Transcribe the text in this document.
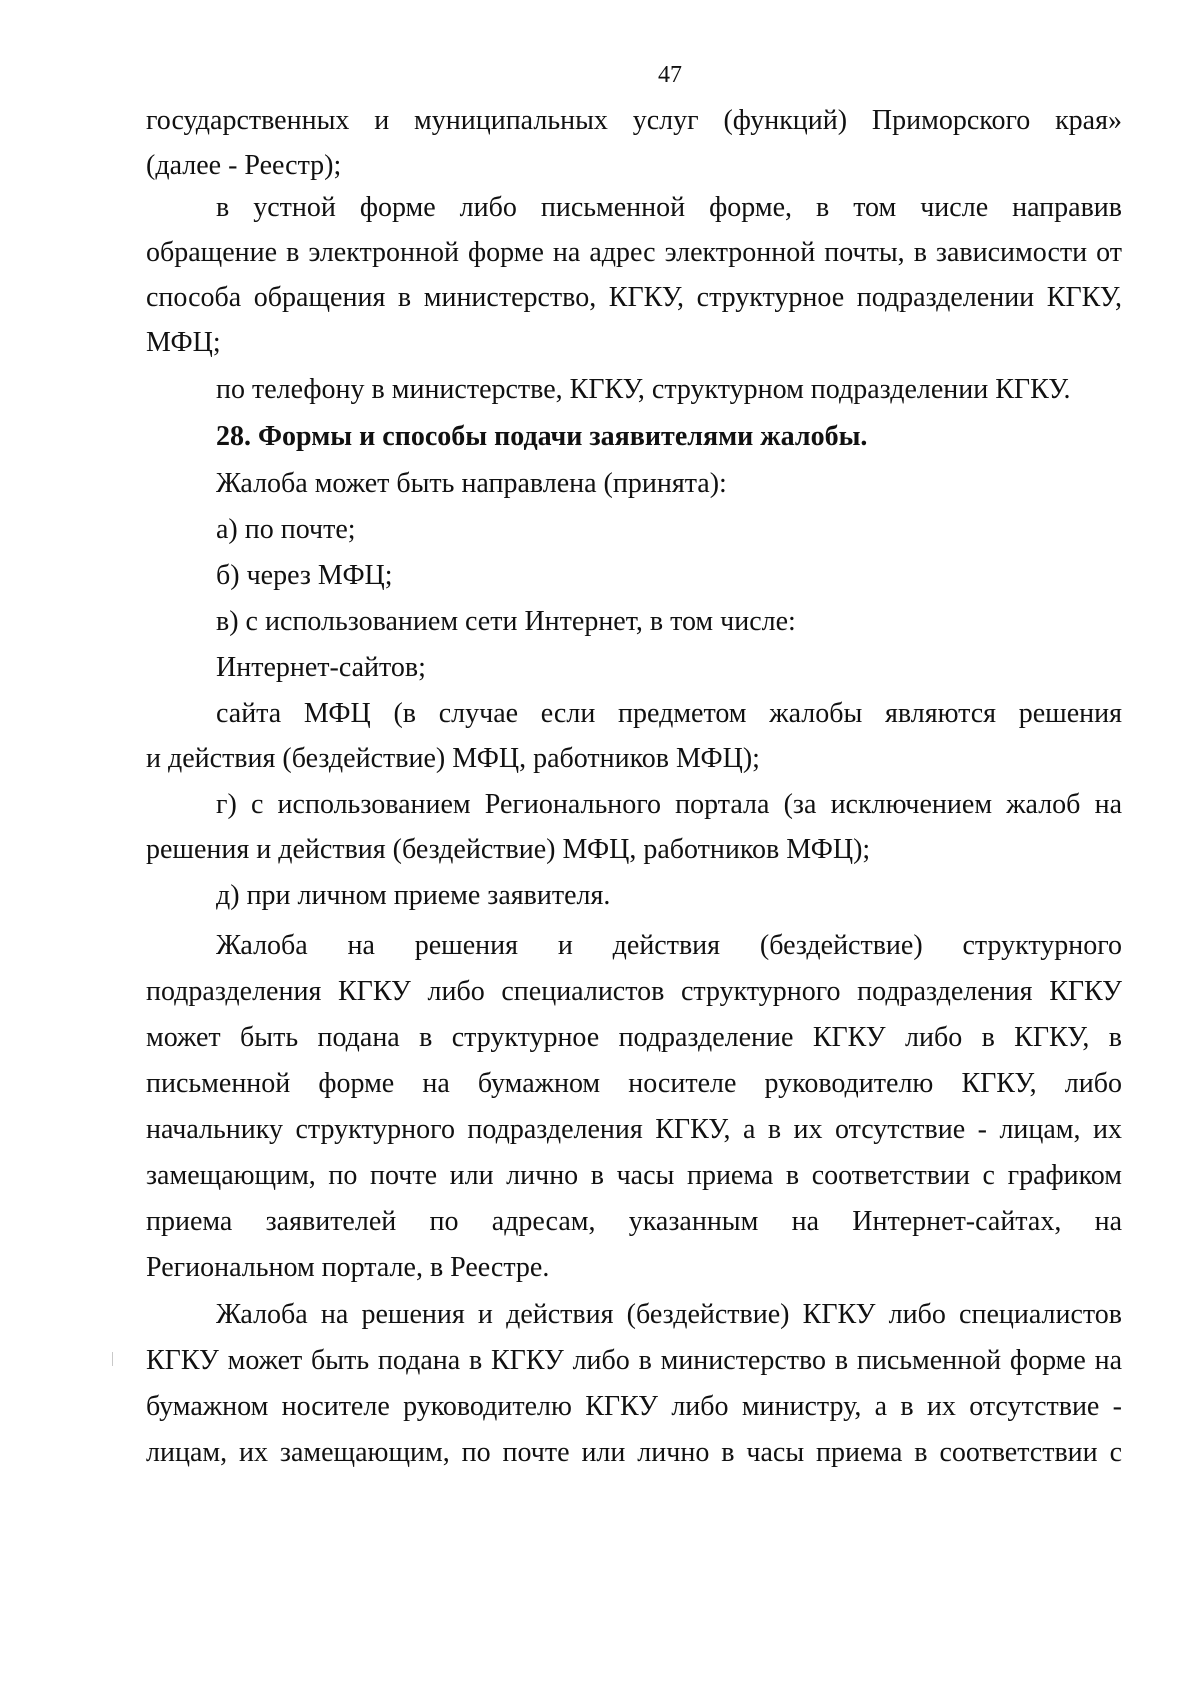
47
государственных и муниципальных услуг (функций) Приморского края»
(далее - Реестр);
в устной форме либо письменной форме, в том числе направив
обращение в электронной форме на адрес электронной почты, в зависимости от
способа обращения в министерство, КГКУ, структурное подразделении КГКУ,
МФЦ;
по телефону в министерстве, КГКУ, структурном подразделении КГКУ.
28. Формы и способы подачи заявителями жалобы.
Жалоба может быть направлена (принята):
а) по почте;
б) через МФЦ;
в) с использованием сети Интернет, в том числе:
Интернет-сайтов;
сайта МФЦ (в случае если предметом жалобы являются решения
и действия (бездействие) МФЦ, работников МФЦ);
г) с использованием Регионального портала (за исключением жалоб на
решения и действия (бездействие) МФЦ, работников МФЦ);
д) при личном приеме заявителя.
Жалоба на решения и действия (бездействие) структурного
подразделения КГКУ либо специалистов структурного подразделения КГКУ
может быть подана в структурное подразделение КГКУ либо в КГКУ, в
письменной форме на бумажном носителе руководителю КГКУ, либо
начальнику структурного подразделения КГКУ, а в их отсутствие - лицам, их
замещающим, по почте или лично в часы приема в соответствии с графиком
приема заявителей по адресам, указанным на Интернет-сайтах, на
Региональном портале, в Реестре.
Жалоба на решения и действия (бездействие) КГКУ либо специалистов
КГКУ может быть подана в КГКУ либо в министерство в письменной форме на
бумажном носителе руководителю КГКУ либо министру, а в их отсутствие -
лицам, их замещающим, по почте или лично в часы приема в соответствии с
